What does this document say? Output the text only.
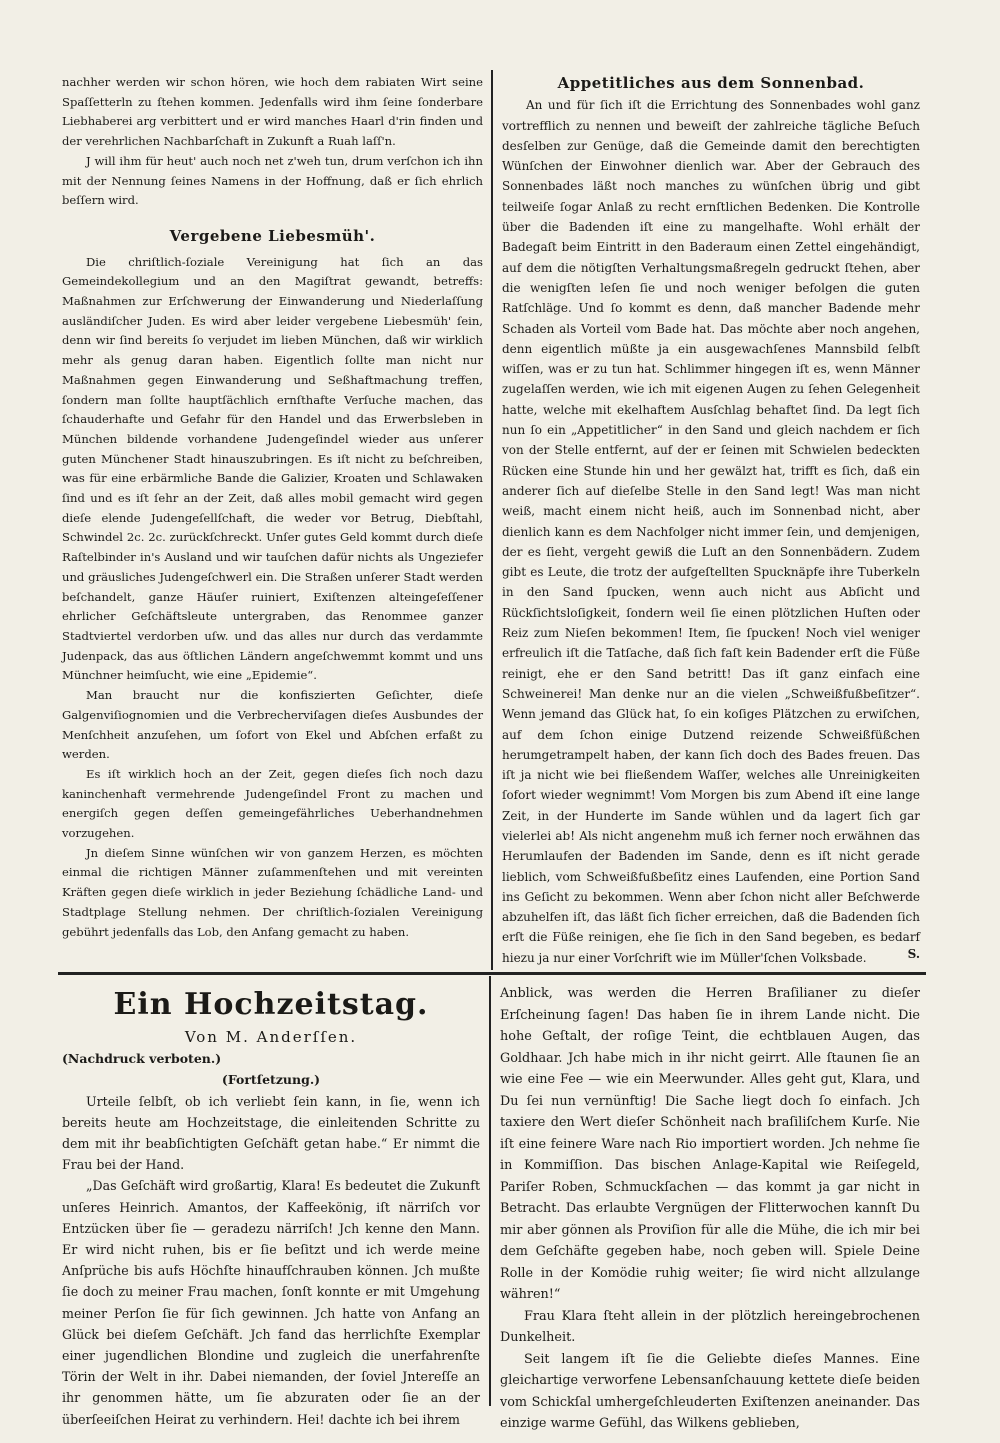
nachher werden wir schon hören, wie hoch dem rabiaten Wirt seine Spaſſetterln zu ſtehen kommen. Jedenfalls wird ihm ſeine ſonderbare Liebhaberei arg verbittert und er wird manches Haarl d'rin finden und der verehrlichen Nachbarſchaft in Zukunft a Ruah laſſ'n.

J will ihm für heut' auch noch net z'weh tun, drum verſchon ich ihn mit der Nennung ſeines Namens in der Hoffnung, daß er ſich ehrlich beſſern wird.

Vergebene Liebesmüh'.

Die chriſtlich-ſoziale Vereinigung hat ſich an das Gemeindekollegium und an den Magiſtrat gewandt, betreffs: Maßnahmen zur Erſchwerung der Einwanderung und Niederlaſſung ausländiſcher Juden. Es wird aber leider vergebene Liebesmüh' ſein, denn wir ſind bereits ſo verjudet im lieben München, daß wir wirklich mehr als genug daran haben. Eigentlich ſollte man nicht nur Maßnahmen gegen Einwanderung und Seßhaftmachung treffen, ſondern man ſollte hauptſächlich ernſthafte Verſuche machen, das ſchauderhafte und Gefahr für den Handel und das Erwerbsleben in München bildende vorhandene Judengeſindel wieder aus unſerer guten Münchener Stadt hinauszubringen. Es iſt nicht zu beſchreiben, was für eine erbärmliche Bande die Galizier, Kroaten und Schlawaken ſind und es iſt ſehr an der Zeit, daß alles mobil gemacht wird gegen dieſe elende Judengeſellſchaft, die weder vor Betrug, Diebſtahl, Schwindel 2c. 2c. zurückſchreckt. Unſer gutes Geld kommt durch dieſe Raſtelbinder in's Ausland und wir tauſchen dafür nichts als Ungeziefer und gräusliches Judengeſchwerl ein. Die Straßen unſerer Stadt werden beſchandelt, ganze Häuſer ruiniert, Exiſtenzen alteingeſeſſener ehrlicher Geſchäftsleute untergraben, das Renommee ganzer Stadtviertel verdorben uſw. und das alles nur durch das verdammte Judenpack, das aus öſtlichen Ländern angeſchwemmt kommt und uns Münchner heimſucht, wie eine „Epidemie“.

Man braucht nur die konfiszierten Geſichter, dieſe Galgenviſiognomien und die Verbrecherviſagen dieſes Ausbundes der Menſchheit anzuſehen, um ſofort von Ekel und Abſchen erfaßt zu werden.

Es iſt wirklich hoch an der Zeit, gegen dieſes ſich noch dazu kaninchenhaft vermehrende Judengeſindel Front zu machen und energiſch gegen deſſen gemeingefährliches Ueberhandnehmen vorzugehen.

Jn dieſem Sinne wünſchen wir von ganzem Herzen, es möchten einmal die richtigen Männer zuſammenſtehen und mit vereinten Kräften gegen dieſe wirklich in jeder Beziehung ſchädliche Land- und Stadtplage Stellung nehmen. Der chriſtlich-ſozialen Vereinigung gebührt jedenfalls das Lob, den Anfang gemacht zu haben.

Appetitliches aus dem Sonnenbad.

An und für ſich iſt die Errichtung des Sonnenbades wohl ganz vortrefflich zu nennen und beweiſt der zahlreiche tägliche Beſuch desſelben zur Genüge, daß die Gemeinde damit den berechtigten Wünſchen der Einwohner dienlich war. Aber der Gebrauch des Sonnenbades läßt noch manches zu wünſchen übrig und gibt teilweiſe ſogar Anlaß zu recht ernſtlichen Bedenken. Die Kontrolle über die Badenden iſt eine zu mangelhafte. Wohl erhält der Badegaſt beim Eintritt in den Baderaum einen Zettel eingehändigt, auf dem die nötigſten Verhaltungsmaßregeln gedruckt ſtehen, aber die wenigſten leſen ſie und noch weniger befolgen die guten Ratſchläge. Und ſo kommt es denn, daß mancher Badende mehr Schaden als Vorteil vom Bade hat. Das möchte aber noch angehen, denn eigentlich müßte ja ein ausgewachſenes Mannsbild ſelbſt wiſſen, was er zu tun hat. Schlimmer hingegen iſt es, wenn Männer zugelaſſen werden, wie ich mit eigenen Augen zu ſehen Gelegenheit hatte, welche mit ekelhaftem Ausſchlag behaftet ſind. Da legt ſich nun ſo ein „Appetitlicher“ in den Sand und gleich nachdem er ſich von der Stelle entfernt, auf der er ſeinen mit Schwielen bedeckten Rücken eine Stunde hin und her gewälzt hat, trifft es ſich, daß ein anderer ſich auf dieſelbe Stelle in den Sand legt! Was man nicht weiß, macht einem nicht heiß, auch im Sonnenbad nicht, aber dienlich kann es dem Nachfolger nicht immer ſein, und demjenigen, der es ſieht, vergeht gewiß die Luſt an den Sonnenbädern. Zudem gibt es Leute, die trotz der aufgeſtellten Spucknäpfe ihre Tuberkeln in den Sand ſpucken, wenn auch nicht aus Abſicht und Rückſichtsloſigkeit, ſondern weil ſie einen plötzlichen Huſten oder Reiz zum Nieſen bekommen! Item, ſie ſpucken! Noch viel weniger erfreulich iſt die Tatſache, daß ſich faſt kein Badender erſt die Füße reinigt, ehe er den Sand betritt! Das iſt ganz einfach eine Schweinerei! Man denke nur an die vielen „Schweißfußbeſitzer“. Wenn jemand das Glück hat, ſo ein koſiges Plätzchen zu erwiſchen, auf dem ſchon einige Dutzend reizende Schweißfüßchen herumgetrampelt haben, der kann ſich doch des Bades freuen. Das iſt ja nicht wie bei fließendem Waſſer, welches alle Unreinigkeiten ſofort wieder wegnimmt! Vom Morgen bis zum Abend iſt eine lange Zeit, in der Hunderte im Sande wühlen und da lagert ſich gar vielerlei ab! Als nicht angenehm muß ich ferner noch erwähnen das Herumlaufen der Badenden im Sande, denn es iſt nicht gerade lieblich, vom Schweißfußbeſitz eines Laufenden, eine Portion Sand ins Geſicht zu bekommen. Wenn aber ſchon nicht aller Beſchwerde abzuhelfen iſt, das läßt ſich ſicher erreichen, daß die Badenden ſich erſt die Füße reinigen, ehe ſie ſich in den Sand begeben, es bedarf hiezu ja nur einer Vorſchrift wie im Müller'ſchen Volksbade.	S.

Ein Hochzeitstag.

Von M. Anderſſen.

(Nachdruck verboten.)

(Fortſetzung.)

Urteile ſelbſt, ob ich verliebt ſein kann, in ſie, wenn ich bereits heute am Hochzeitstage, die einleitenden Schritte zu dem mit ihr beabſichtigten Geſchäft getan habe.“ Er nimmt die Frau bei der Hand.

„Das Geſchäft wird großartig, Klara! Es bedeutet die Zukunft unſeres Heinrich. Amantos, der Kaffeekönig, iſt närriſch vor Entzücken über ſie — geradezu närriſch! Jch kenne den Mann. Er wird nicht ruhen, bis er ſie beſitzt und ich werde meine Anſprüche bis aufs Höchſte hinaufſchrauben können. Jch mußte ſie doch zu meiner Frau machen, ſonſt konnte er mit Umgehung meiner Perſon ſie für ſich gewinnen. Jch hatte von Anfang an Glück bei dieſem Geſchäft. Jch fand das herrlichſte Exemplar einer jugendlichen Blondine und zugleich die unerfahrenſte Törin der Welt in ihr. Dabei niemanden, der ſoviel Jntereſſe an ihr genommen hätte, um ſie abzuraten oder ſie an der überſeeiſchen Heirat zu verhindern. Hei! dachte ich bei ihrem

Anblick, was werden die Herren Braſilianer zu dieſer Erſcheinung ſagen! Das haben ſie in ihrem Lande nicht. Die hohe Geſtalt, der roſige Teint, die echtblauen Augen, das Goldhaar. Jch habe mich in ihr nicht geirrt. Alle ſtaunen ſie an wie eine Fee — wie ein Meerwunder. Alles geht gut, Klara, und Du ſei nun vernünftig! Die Sache liegt doch ſo einfach. Jch taxiere den Wert dieſer Schönheit nach braſiliſchem Kurſe. Nie iſt eine feinere Ware nach Rio importiert worden. Jch nehme ſie in Kommiſſion. Das bischen Anlage-Kapital wie Reiſegeld, Pariſer Roben, Schmuckſachen — das kommt ja gar nicht in Betracht. Das erlaubte Vergnügen der Flitterwochen kannſt Du mir aber gönnen als Proviſion für alle die Mühe, die ich mir bei dem Geſchäfte gegeben habe, noch geben will. Spiele Deine Rolle in der Komödie ruhig weiter; ſie wird nicht allzulange währen!“

Frau Klara ſteht allein in der plötzlich hereingebrochenen Dunkelheit.

Seit langem iſt ſie die Geliebte dieſes Mannes. Eine gleichartige verworfene Lebensanſchauung kettete dieſe beiden vom Schickſal umhergeſchleuderten Exiſtenzen aneinander. Das einzige warme Gefühl, das Wilkens geblieben,
